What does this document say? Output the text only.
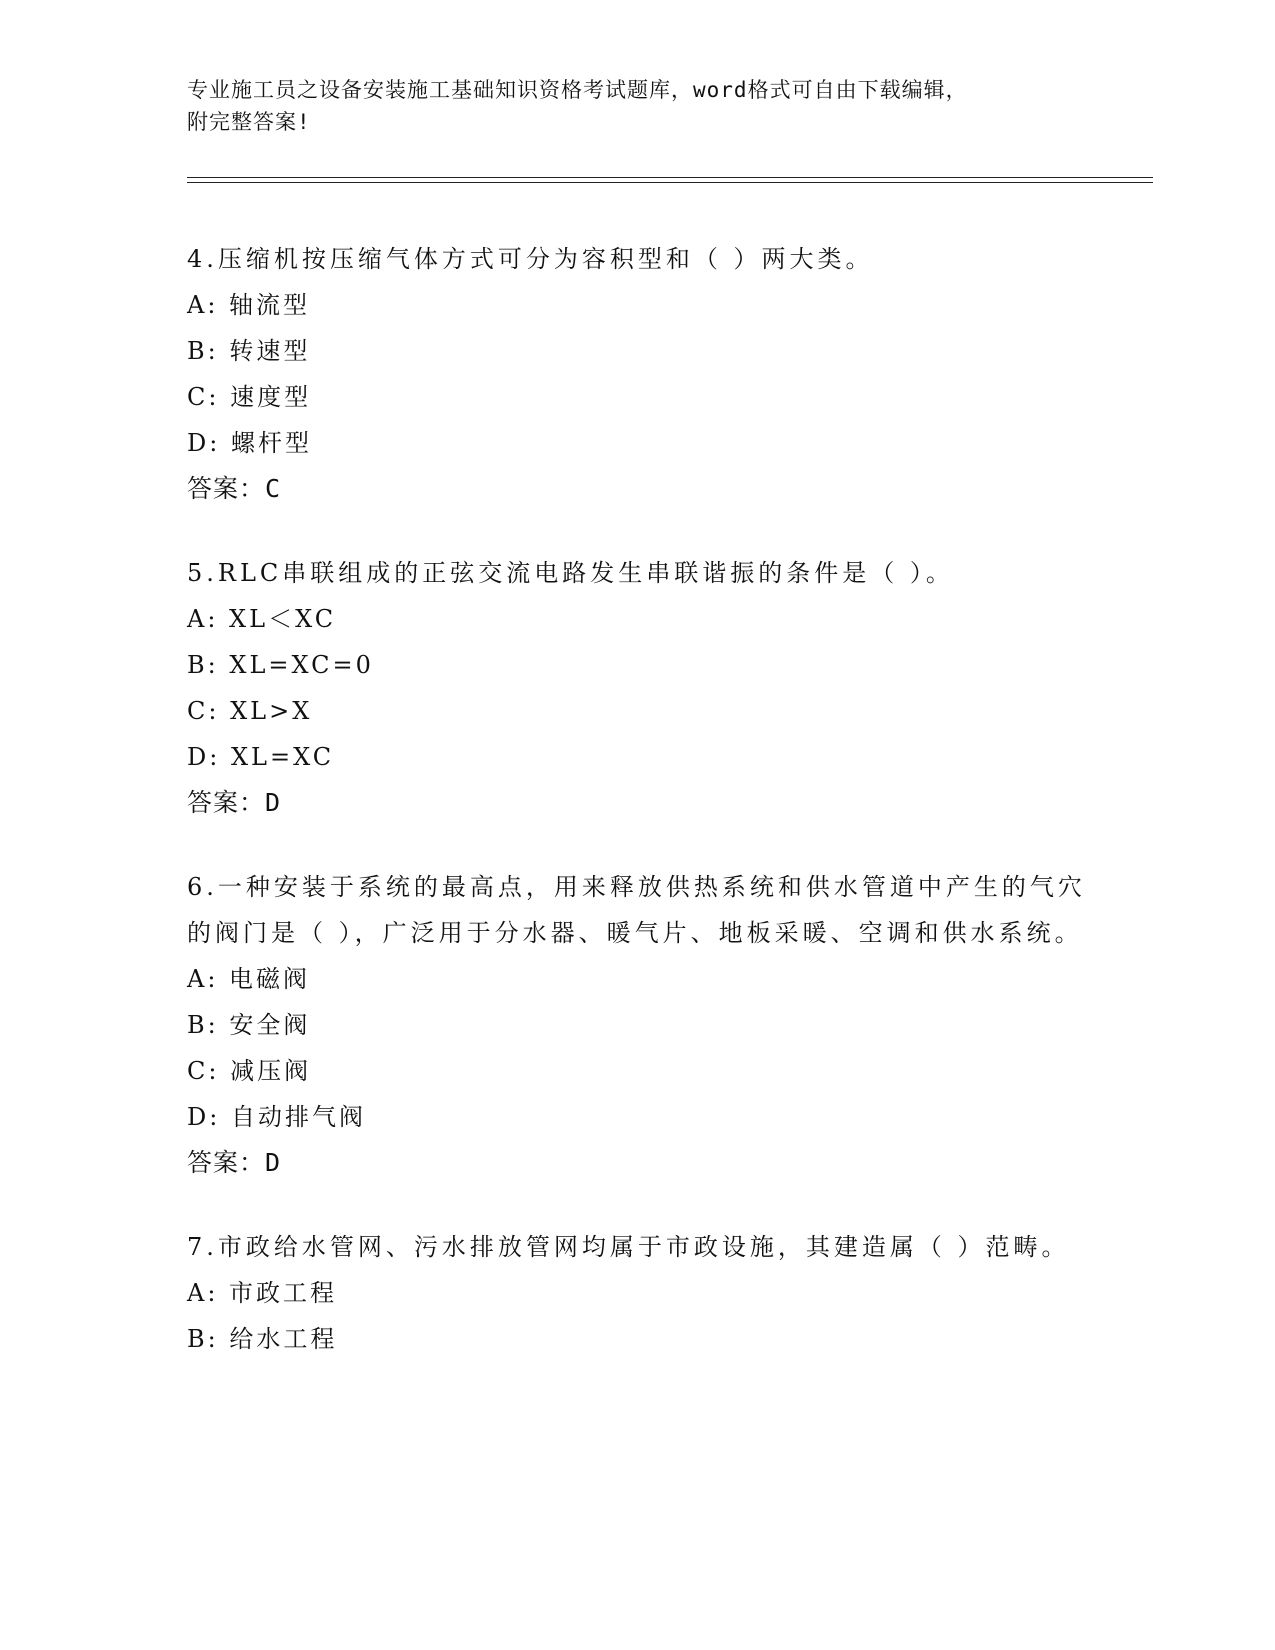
专业施工员之设备安装施工基础知识资格考试题库，word格式可自由下载编辑，
附完整答案!

4.压缩机按压缩气体方式可分为容积型和（ ）两大类。

A: 轴流型

B: 转速型

C: 速度型

D: 螺杆型

答案：C

5.RLC串联组成的正弦交流电路发生串联谐振的条件是（ ）。

A: XL＜XC

B: XL=XC=0

C: XL>X

D: XL=XC

答案：D

6.一种安装于系统的最高点，用来释放供热系统和供水管道中产生的气穴的阀门是（ ），广泛用于分水器、暖气片、地板采暖、空调和供水系统。

A: 电磁阀

B: 安全阀

C: 减压阀

D: 自动排气阀

答案：D

7.市政给水管网、污水排放管网均属于市政设施，其建造属（ ）范畴。

A: 市政工程

B: 给水工程
